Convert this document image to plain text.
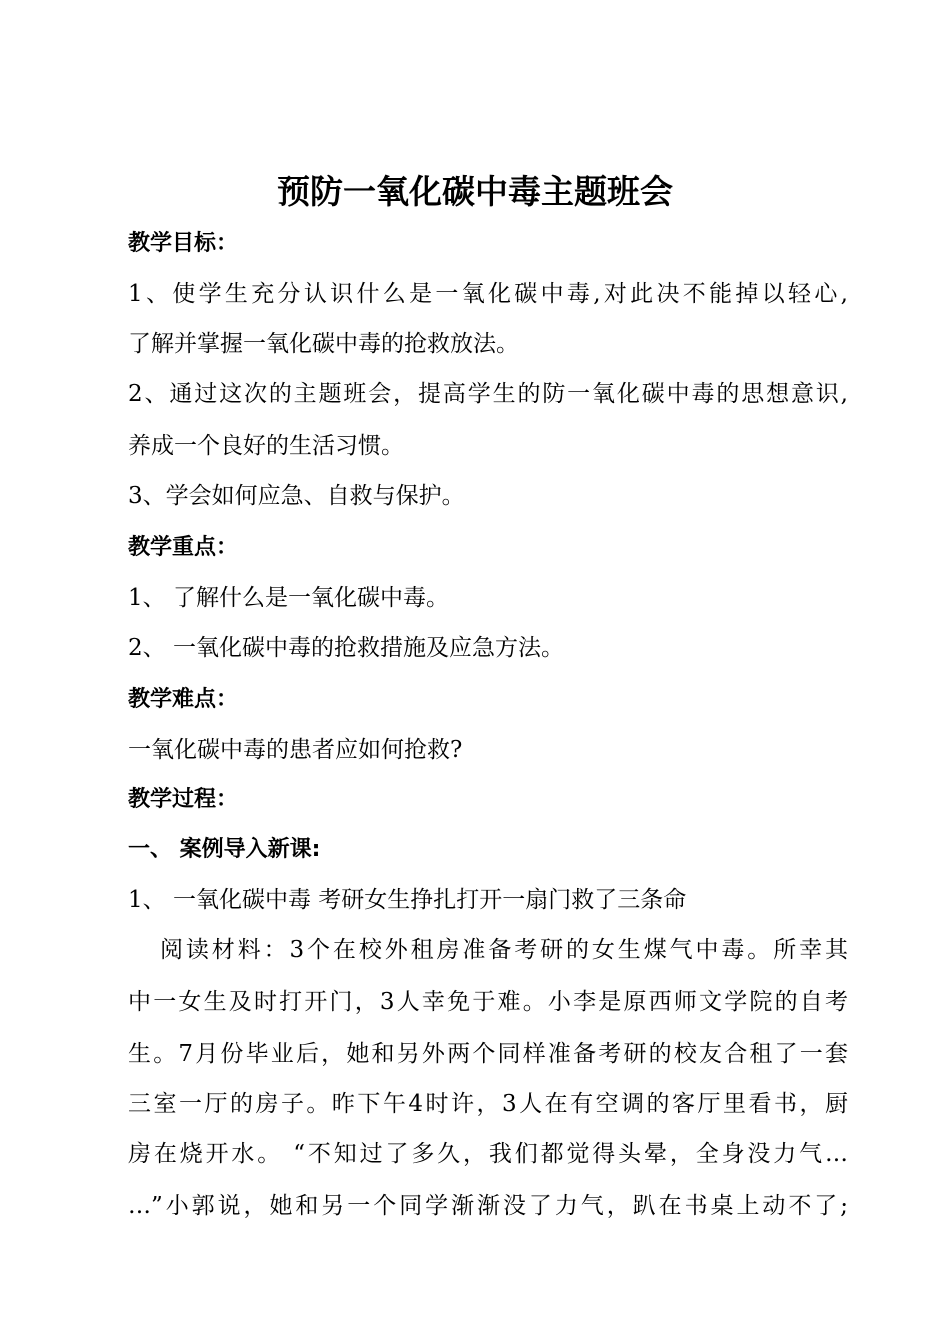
预防一氧化碳中毒主题班会
教学目标：
1、使学生充分认识什么是一氧化碳中毒,对此决不能掉以轻心,
了解并掌握一氧化碳中毒的抢救放法。
2、通过这次的主题班会，提高学生的防一氧化碳中毒的思想意识,
养成一个良好的生活习惯。
3、学会如何应急、自救与保护。
教学重点：
1、 了解什么是一氧化碳中毒。
2、 一氧化碳中毒的抢救措施及应急方法。
教学难点：
一氧化碳中毒的患者应如何抢救?
教学过程：
一、 案例导入新课:
1、 一氧化碳中毒 考研女生挣扎打开一扇门救了三条命
阅读材料：3个在校外租房准备考研的女生煤气中毒。所幸其
中一女生及时打开门，3人幸免于难。小李是原西师文学院的自考
生。7月份毕业后，她和另外两个同样准备考研的校友合租了一套
三室一厅的房子。昨下午4时许，3人在有空调的客厅里看书，厨
房在烧开水。 “不知过了多久，我们都觉得头晕，全身没力气…
…”小郭说，她和另一个同学渐渐没了力气，趴在书桌上动不了;
